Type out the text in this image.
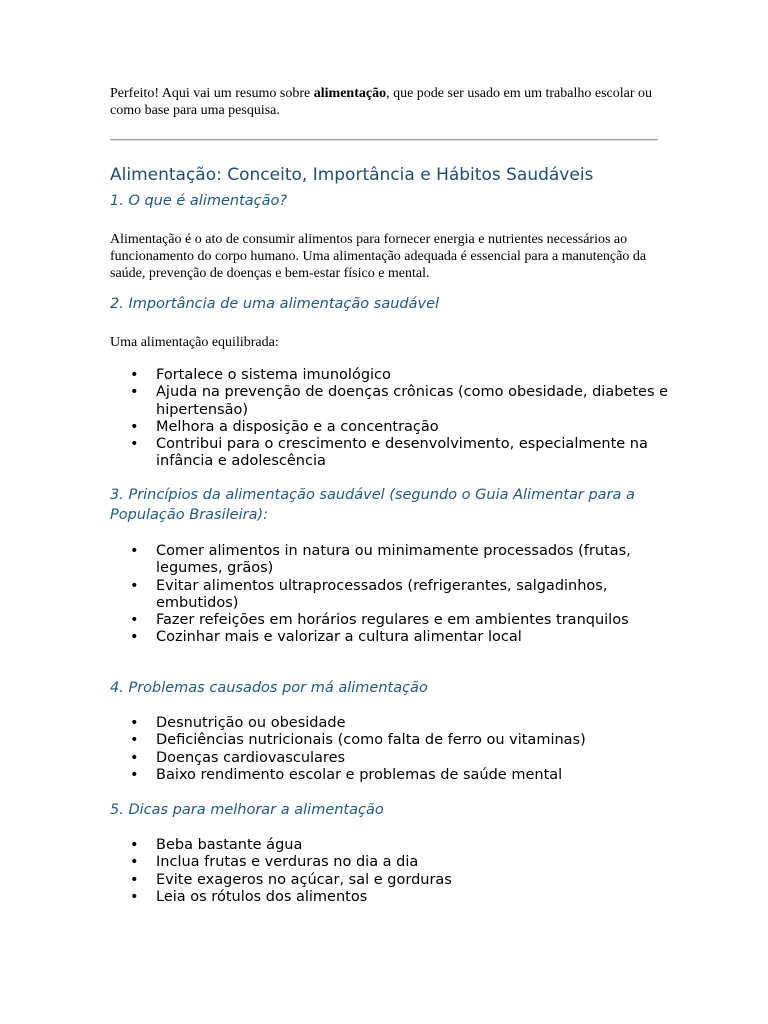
Perfeito! Aqui vai um resumo sobre alimentação, que pode ser usado em um trabalho escolar ou como base para uma pesquisa.

Alimentação: Conceito, Importância e Hábitos Saudáveis
1. O que é alimentação?

Alimentação é o ato de consumir alimentos para fornecer energia e nutrientes necessários ao funcionamento do corpo humano. Uma alimentação adequada é essencial para a manutenção da saúde, prevenção de doenças e bem-estar físico e mental.

2. Importância de uma alimentação saudável

Uma alimentação equilibrada:

• Fortalece o sistema imunológico
• Ajuda na prevenção de doenças crônicas (como obesidade, diabetes e hipertensão)
• Melhora a disposição e a concentração
• Contribui para o crescimento e desenvolvimento, especialmente na infância e adolescência
3. Princípios da alimentação saudável (segundo o Guia Alimentar para a População Brasileira):
• Comer alimentos in natura ou minimamente processados (frutas, legumes, grãos)
• Evitar alimentos ultraprocessados (refrigerantes, salgadinhos, embutidos)
• Fazer refeições em horários regulares e em ambientes tranquilos
• Cozinhar mais e valorizar a cultura alimentar local
4. Problemas causados por má alimentação
• Desnutrição ou obesidade
• Deficiências nutricionais (como falta de ferro ou vitaminas)
• Doenças cardiovasculares
• Baixo rendimento escolar e problemas de saúde mental
5. Dicas para melhorar a alimentação
• Beba bastante água
• Inclua frutas e verduras no dia a dia
• Evite exageros no açúcar, sal e gorduras
• Leia os rótulos dos alimentos
